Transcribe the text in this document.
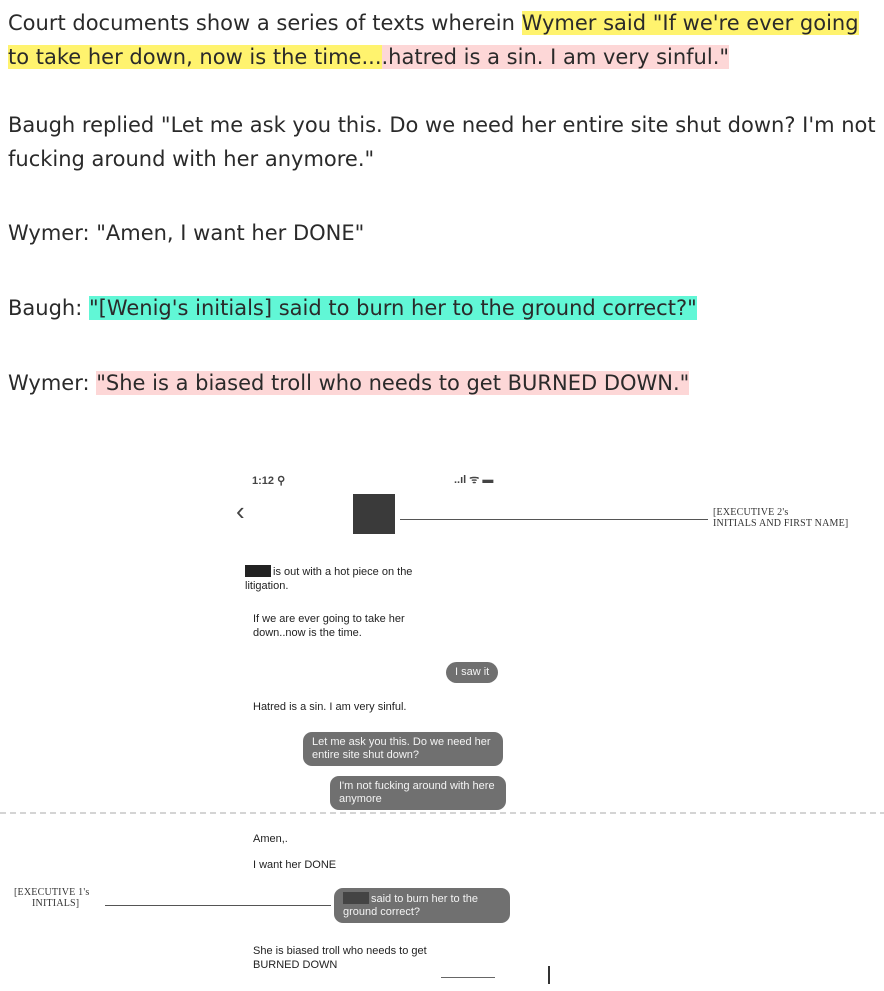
Court documents show a series of texts wherein Wymer said "If we're ever going to take her down, now is the time....hatred is a sin. I am very sinful."

Baugh replied "Let me ask you this. Do we need her entire site shut down? I'm not fucking around with her anymore."

Wymer: "Amen, I want her DONE"

Baugh: "[Wenig's initials] said to burn her to the ground correct?"

Wymer: "She is a biased troll who needs to get BURNED DOWN."

1:12 ⚲	..ıl ᯤ ▬
‹	[EXECUTIVE 2's
INITIALS AND FIRST NAME]
is out with a hot piece on the litigation.
If we are ever going to take her down..now is the time.
I saw it
Hatred is a sin. I am very sinful.
Let me ask you this. Do we need her entire site shut down?
I'm not fucking around with here anymore
Amen,.
I want her DONE
[EXECUTIVE 1's
INITIALS]	said to burn her to the ground correct?
She is biased troll who needs to get BURNED DOWN
